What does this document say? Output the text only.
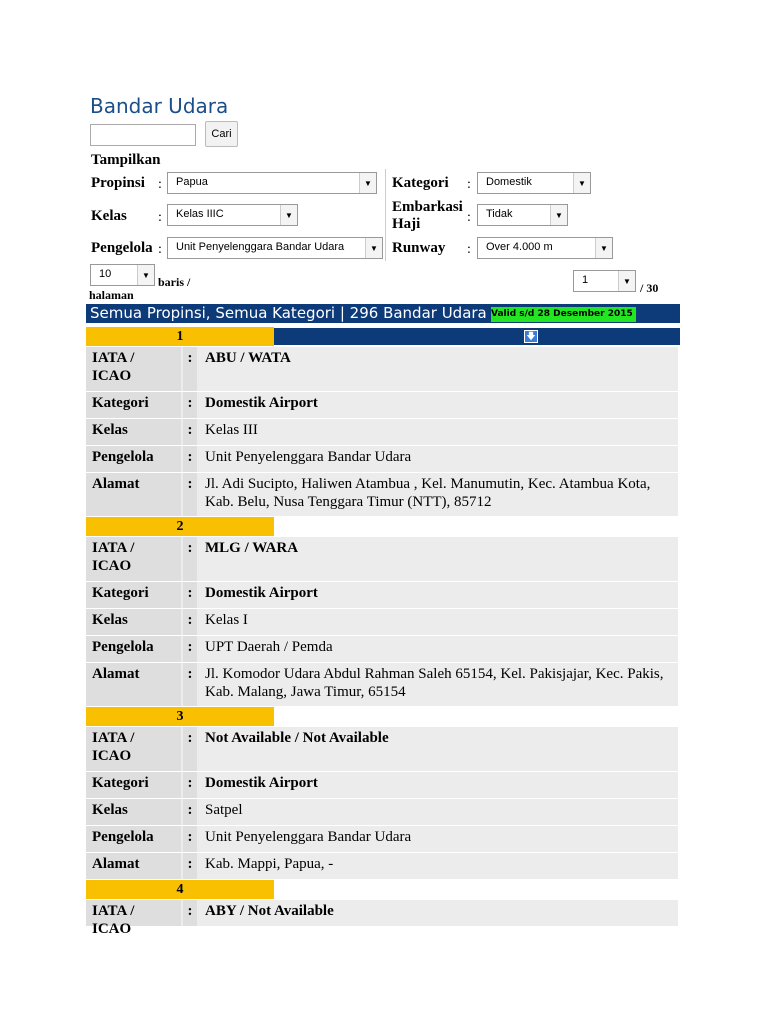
Bandar Udara
Cari
Tampilkan
Propinsi :	Papua	▼
Kelas :	Kelas IIIC	▼
Pengelola :	Unit Penyelenggara Bandar Udara	▼
Kategori :	Domestik	▼
Embarkasi
Haji	:	Tidak	▼
Runway :	Over 4.000 m	▼
10	▼ baris /
halaman
1	▼ / 30
Semua Propinsi, Semua Kategori | 296 Bandar Udara Valid s/d 28 Desember 2015
🡇
1
IATA /
ICAO
: ABU / WATA
Kategori	: Domestik Airport
Kelas	: Kelas III
Pengelola	: Unit Penyelenggara Bandar Udara
Alamat	: Jl. Adi Sucipto, Haliwen Atambua , Kel. Manumutin, Kec. Atambua Kota, Kab. Belu, Nusa Tenggara Timur (NTT), 85712
2
IATA /
ICAO
: MLG / WARA
Kategori	: Domestik Airport
Kelas	: Kelas I
Pengelola	: UPT Daerah / Pemda
Alamat	: Jl. Komodor Udara Abdul Rahman Saleh 65154, Kel. Pakisjajar, Kec. Pakis, Kab. Malang, Jawa Timur, 65154
3
IATA /
ICAO
: Not Available / Not Available
Kategori	: Domestik Airport
Kelas	: Satpel
Pengelola	: Unit Penyelenggara Bandar Udara
Alamat	: Kab. Mappi, Papua, -
4
IATA /
ICAO
: ABY / Not Available
